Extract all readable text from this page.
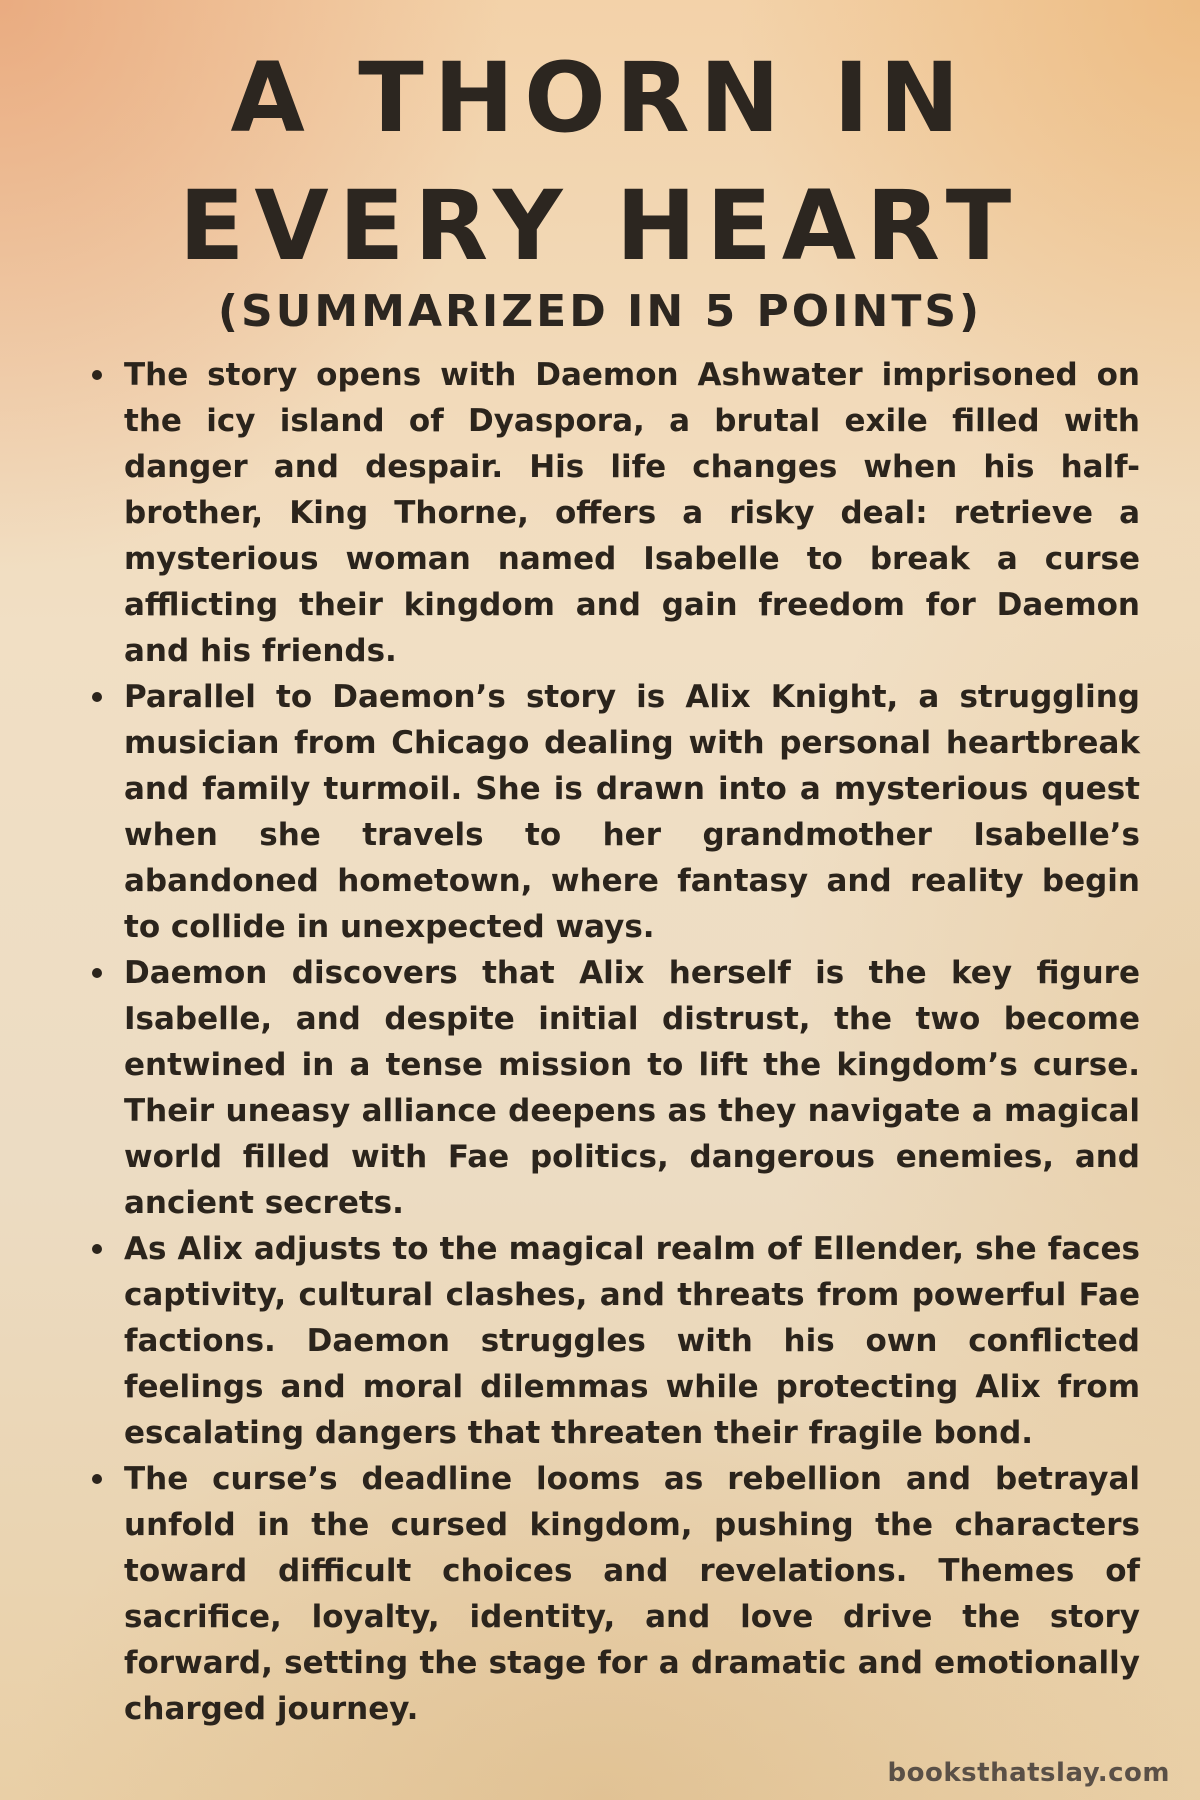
A THORN IN
EVERY HEART
(SUMMARIZED IN 5 POINTS)
The story opens with Daemon Ashwater imprisoned on the icy island of Dyaspora, a brutal exile filled with danger and despair. His life changes when his half-brother, King Thorne, offers a risky deal: retrieve a mysterious woman named Isabelle to break a curse afflicting their kingdom and gain freedom for Daemon and his friends.
Parallel to Daemon’s story is Alix Knight, a struggling musician from Chicago dealing with personal heartbreak and family turmoil. She is drawn into a mysterious quest when she travels to her grandmother Isabelle’s abandoned hometown, where fantasy and reality begin to collide in unexpected ways.
Daemon discovers that Alix herself is the key figure Isabelle, and despite initial distrust, the two become entwined in a tense mission to lift the kingdom’s curse. Their uneasy alliance deepens as they navigate a magical world filled with Fae politics, dangerous enemies, and ancient secrets.
As Alix adjusts to the magical realm of Ellender, she faces captivity, cultural clashes, and threats from powerful Fae factions. Daemon struggles with his own conflicted feelings and moral dilemmas while protecting Alix from escalating dangers that threaten their fragile bond.
The curse’s deadline looms as rebellion and betrayal unfold in the cursed kingdom, pushing the characters toward difficult choices and revelations. Themes of sacrifice, loyalty, identity, and love drive the story forward, setting the stage for a dramatic and emotionally charged journey.
booksthatslay.com
